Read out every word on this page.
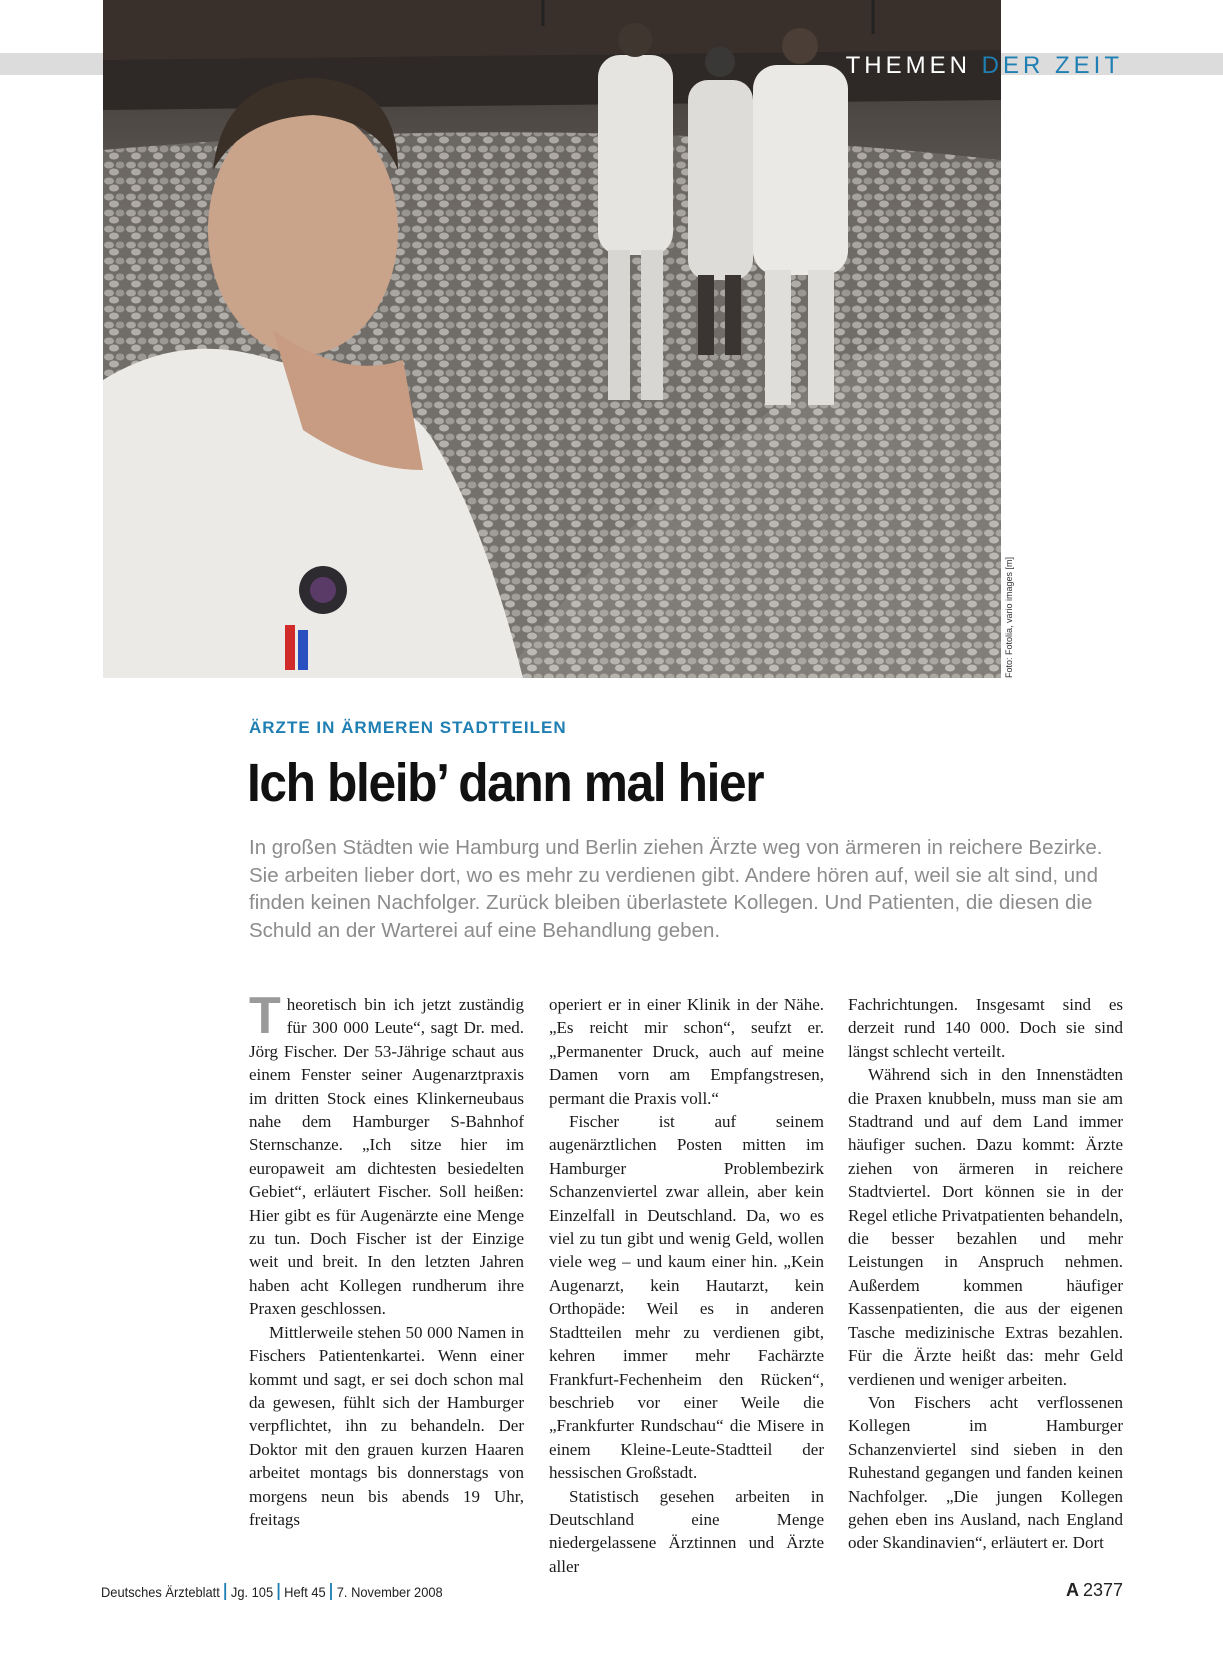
THEMEN DER ZEIT
Foto: Fotolia, vario images [m]
ÄRZTE IN ÄRMEREN STADTTEILEN
Ich bleib’ dann mal hier
In großen Städten wie Hamburg und Berlin ziehen Ärzte weg von ärmeren in reichere Bezirke. Sie arbeiten lieber dort, wo es mehr zu verdienen gibt. Andere hören auf, weil sie alt sind, und finden keinen Nachfolger. Zurück bleiben überlastete Kollegen. Und Patienten, die diesen die Schuld an der Warterei auf eine Behandlung geben.

Theoretisch bin ich jetzt zuständig für 300 000 Leute“, sagt Dr. med. Jörg Fischer. Der 53-Jährige schaut aus einem Fenster seiner Augenarztpraxis im dritten Stock eines Klinkerneubaus nahe dem Hamburger S-Bahnhof Sternschanze. „Ich sitze hier im europaweit am dichtesten besiedelten Gebiet“, erläutert Fischer. Soll heißen: Hier gibt es für Augenärzte eine Menge zu tun. Doch Fischer ist der Einzige weit und breit. In den letzten Jahren haben acht Kollegen rundherum ihre Praxen geschlossen.

Mittlerweile stehen 50 000 Namen in Fischers Patientenkartei. Wenn einer kommt und sagt, er sei doch schon mal da gewesen, fühlt sich der Hamburger verpflichtet, ihn zu behandeln. Der Doktor mit den grauen kurzen Haaren arbeitet montags bis donnerstags von morgens neun bis abends 19 Uhr, freitags

operiert er in einer Klinik in der Nähe. „Es reicht mir schon“, seufzt er. „Permanenter Druck, auch auf meine Damen vorn am Empfangstresen, permant die Praxis voll.“

Fischer ist auf seinem augenärztlichen Posten mitten im Hamburger Problembezirk Schanzenviertel zwar allein, aber kein Einzelfall in Deutschland. Da, wo es viel zu tun gibt und wenig Geld, wollen viele weg – und kaum einer hin. „Kein Augenarzt, kein Hautarzt, kein Orthopäde: Weil es in anderen Stadtteilen mehr zu verdienen gibt, kehren immer mehr Fachärzte Frankfurt-Fechenheim den Rücken“, beschrieb vor einer Weile die „Frankfurter Rundschau“ die Misere in einem Kleine-Leute-Stadtteil der hessischen Großstadt.

Statistisch gesehen arbeiten in Deutschland eine Menge niedergelassene Ärztinnen und Ärzte aller

Fachrichtungen. Insgesamt sind es derzeit rund 140 000. Doch sie sind längst schlecht verteilt.

Während sich in den Innenstädten die Praxen knubbeln, muss man sie am Stadtrand und auf dem Land immer häufiger suchen. Dazu kommt: Ärzte ziehen von ärmeren in reichere Stadtviertel. Dort können sie in der Regel etliche Privatpatienten behandeln, die besser bezahlen und mehr Leistungen in Anspruch nehmen. Außerdem kommen häufiger Kassenpatienten, die aus der eigenen Tasche medizinische Extras bezahlen. Für die Ärzte heißt das: mehr Geld verdienen und weniger arbeiten.

Von Fischers acht verflossenen Kollegen im Hamburger Schanzenviertel sind sieben in den Ruhestand gegangen und fanden keinen Nachfolger. „Die jungen Kollegen gehen eben ins Ausland, nach England oder Skandinavien“, erläutert er. Dort

Deutsches Ärzteblatt Jg. 105 Heft 45 7. November 2008	A 2377
